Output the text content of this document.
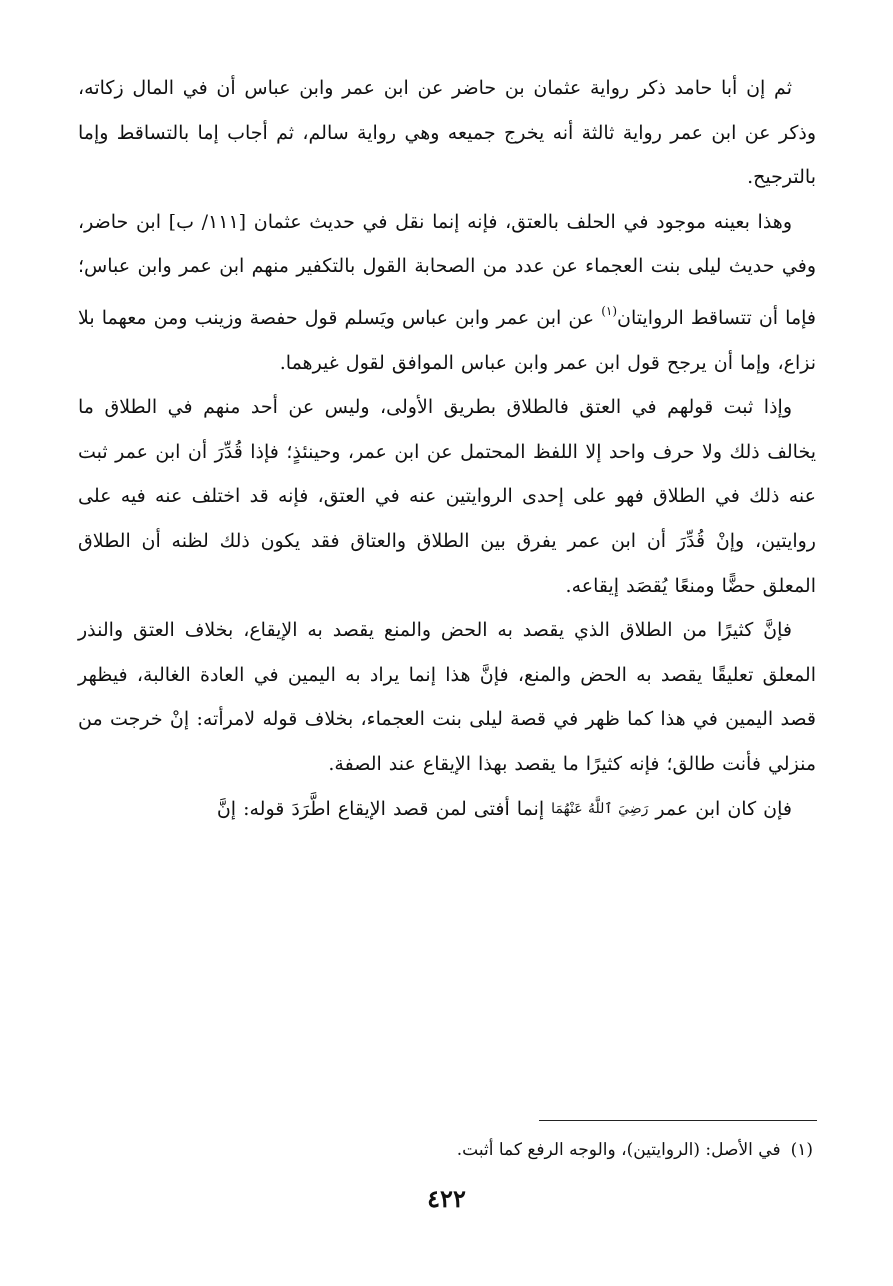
ثم إن أبا حامد ذكر رواية عثمان بن حاضر عن ابن عمر وابن عباس أن في المال زكاته، وذكر عن ابن عمر رواية ثالثة أنه يخرج جميعه وهي رواية سالم، ثم أجاب إما بالتساقط وإما بالترجيح.

وهذا بعينه موجود في الحلف بالعتق، فإنه إنما نقل في حديث عثمان [١١١/ ب] ابن حاضر، وفي حديث ليلى بنت العجماء عن عدد من الصحابة القول بالتكفير منهم ابن عمر وابن عباس؛ فإما أن تتساقط الروايتان$^{(١)}$ عن ابن عمر وابن عباس ويَسلم قول حفصة وزينب ومن معهما بلا نزاع، وإما أن يرجح قول ابن عمر وابن عباس الموافق لقول غيرهما.

وإذا ثبت قولهم في العتق فالطلاق بطريق الأولى، وليس عن أحد منهم في الطلاق ما يخالف ذلك ولا حرف واحد إلا اللفظ المحتمل عن ابن عمر، وحينئذٍ؛ فإذا قُدِّرَ أن ابن عمر ثبت عنه ذلك في الطلاق فهو على إحدى الروايتين عنه في العتق، فإنه قد اختلف عنه فيه على روايتين، وإنْ قُدِّرَ أن ابن عمر يفرق بين الطلاق والعتاق فقد يكون ذلك لظنه أن الطلاق المعلق حضًّا ومنعًا يُقصَد إيقاعه.

فإنَّ كثيرًا من الطلاق الذي يقصد به الحض والمنع يقصد به الإيقاع، بخلاف العتق والنذر المعلق تعليقًا يقصد به الحض والمنع، فإنَّ هذا إنما يراد به اليمين في العادة الغالبة، فيظهر قصد اليمين في هذا كما ظهر في قصة ليلى بنت العجماء، بخلاف قوله لامرأته: إنْ خرجت من منزلي فأنت طالق؛ فإنه كثيرًا ما يقصد بهذا الإيقاع عند الصفة.

فإن كان ابن عمر رَضِيَ ٱللَّهُ عَنْهُمَا إنما أفتى لمن قصد الإيقاع اطَّرَدَ قوله: إنَّ

(١)في الأصل: (الروايتين)، والوجه الرفع كما أثبت.
٤٢٢
